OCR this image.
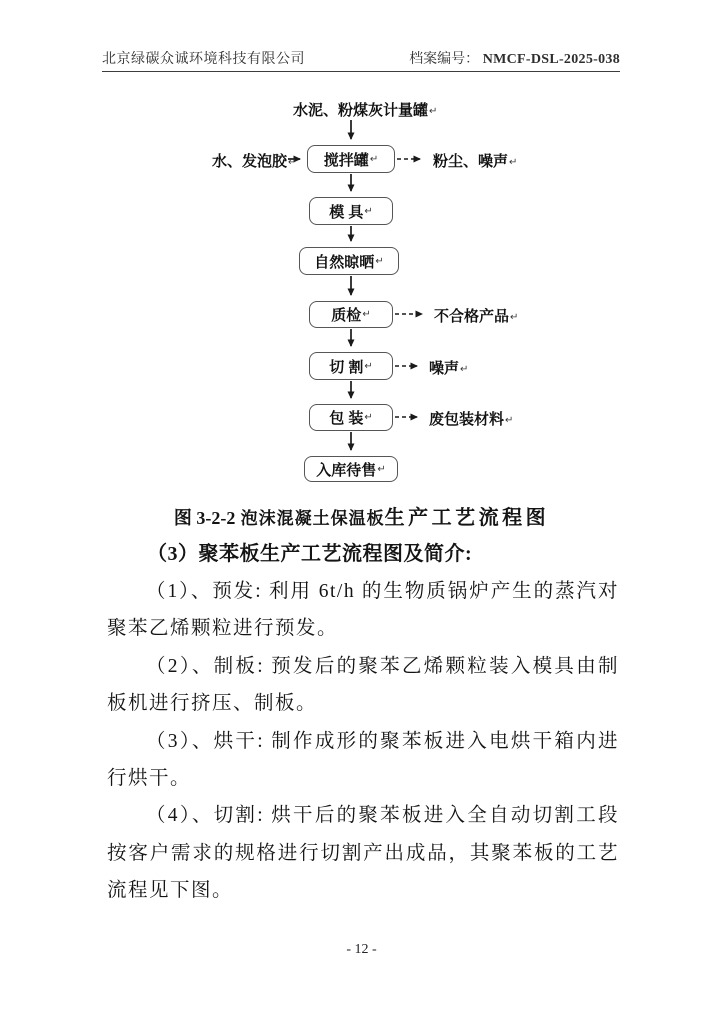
北京绿碳众诚环境科技有限公司	档案编号： NMCF-DSL-2025-038
水泥、粉煤灰计量罐↵
水、发泡胶↵ 搅拌罐 ↵
模 具 ↵
自然晾晒 ↵
质检 ↵
切 割 ↵
包 装 ↵
入库待售 ↵
粉尘、噪声↵
不合格产品↵
噪声↵
废包装材料↵
图 3-2-2 泡沫混凝土保温板生产工艺流程图

（3）聚苯板生产工艺流程图及简介:

（1）、预发: 利用 6t/h 的生物质锅炉产生的蒸汽对聚苯乙烯颗粒进行预发。

（2）、制板: 预发后的聚苯乙烯颗粒装入模具由制板机进行挤压、制板。

（3）、烘干: 制作成形的聚苯板进入电烘干箱内进行烘干。

（4）、切割: 烘干后的聚苯板进入全自动切割工段按客户需求的规格进行切割产出成品，其聚苯板的工艺流程见下图。

- 12 -
